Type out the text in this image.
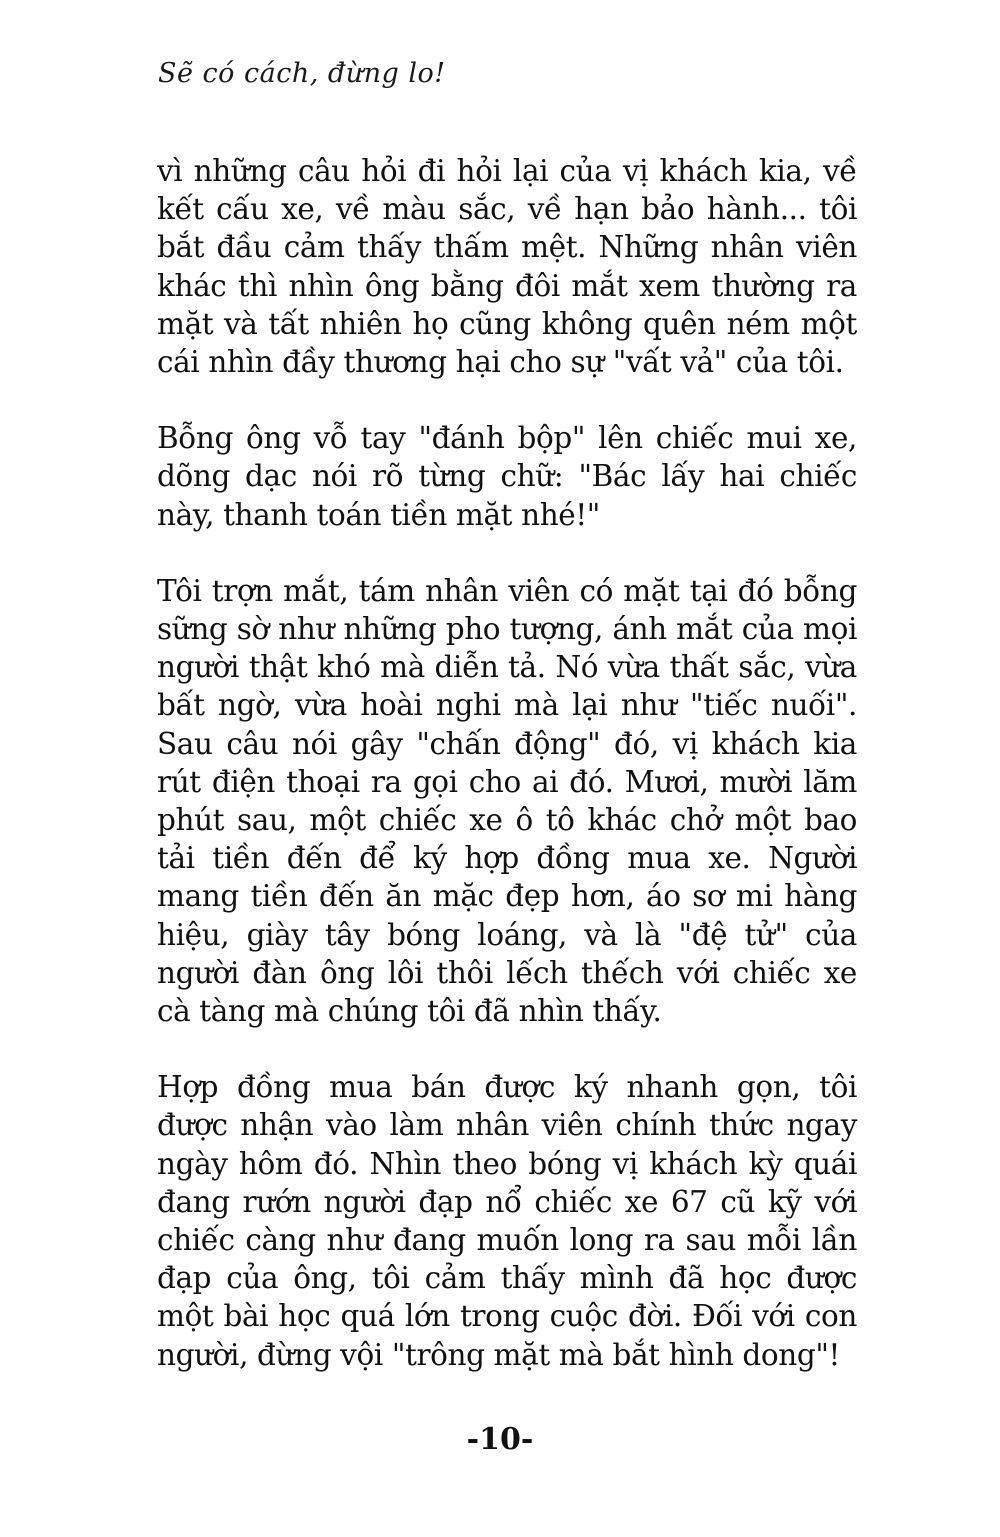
Sẽ có cách, đừng lo!

vì những câu hỏi đi hỏi lại của vị khách kia, về kết cấu xe, về màu sắc, về hạn bảo hành... tôi bắt đầu cảm thấy thấm mệt. Những nhân viên khác thì nhìn ông bằng đôi mắt xem thường ra mặt và tất nhiên họ cũng không quên ném một cái nhìn đầy thương hại cho sự "vất vả" của tôi.

Bỗng ông vỗ tay "đánh bộp" lên chiếc mui xe, dõng dạc nói rõ từng chữ: "Bác lấy hai chiếc này, thanh toán tiền mặt nhé!"

Tôi trợn mắt, tám nhân viên có mặt tại đó bỗng sững sờ như những pho tượng, ánh mắt của mọi người thật khó mà diễn tả. Nó vừa thất sắc, vừa bất ngờ, vừa hoài nghi mà lại như "tiếc nuối". Sau câu nói gây "chấn động" đó, vị khách kia rút điện thoại ra gọi cho ai đó. Mươi, mười lăm phút sau, một chiếc xe ô tô khác chở một bao tải tiền đến để ký hợp đồng mua xe. Người mang tiền đến ăn mặc đẹp hơn, áo sơ mi hàng hiệu, giày tây bóng loáng, và là "đệ tử" của người đàn ông lôi thôi lếch thếch với chiếc xe cà tàng mà chúng tôi đã nhìn thấy.

Hợp đồng mua bán được ký nhanh gọn, tôi được nhận vào làm nhân viên chính thức ngay ngày hôm đó. Nhìn theo bóng vị khách kỳ quái đang rướn người đạp nổ chiếc xe 67 cũ kỹ với chiếc càng như đang muốn long ra sau mỗi lần đạp của ông, tôi cảm thấy mình đã học được một bài học quá lớn trong cuộc đời. Đối với con người, đừng vội "trông mặt mà bắt hình dong"!

-10-
